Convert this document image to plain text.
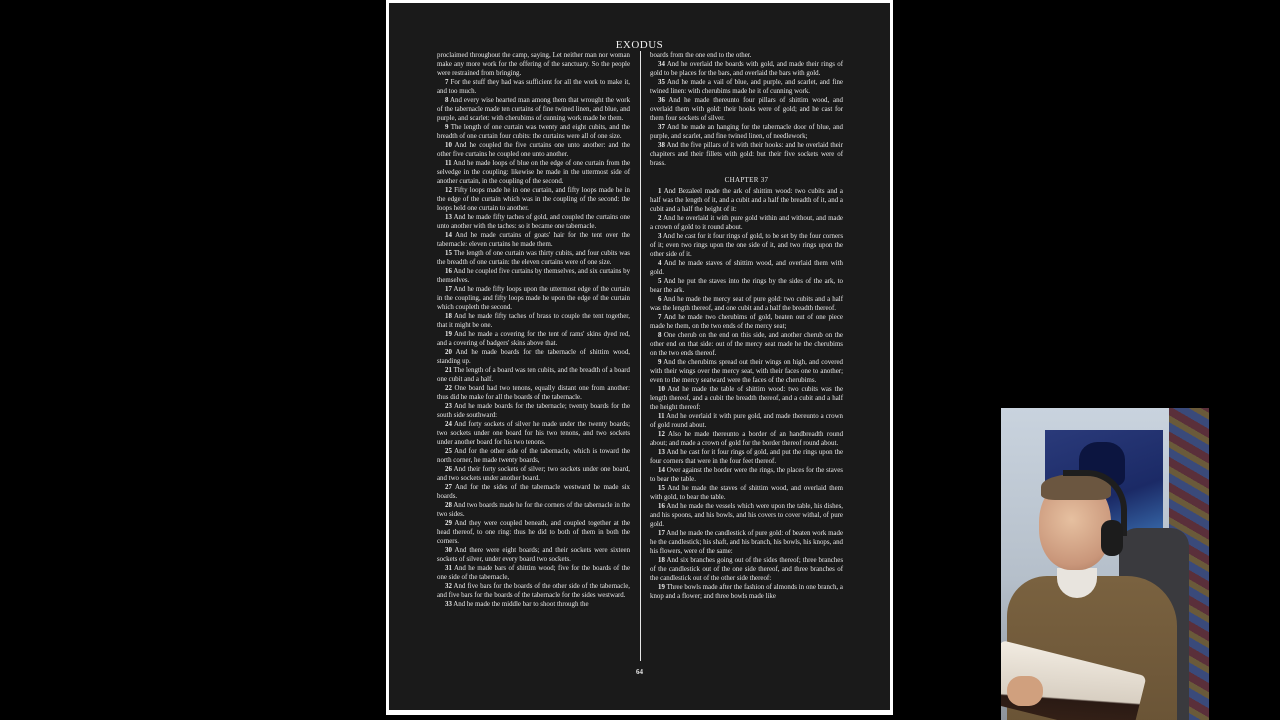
EXODUS

proclaimed throughout the camp, saying, Let neither man nor woman make any more work for the offering of the sanctuary. So the people were restrained from bringing.

7 For the stuff they had was sufficient for all the work to make it, and too much.

8 And every wise hearted man among them that wrought the work of the tabernacle made ten curtains of fine twined linen, and blue, and purple, and scarlet: with cherubims of cunning work made he them.

9 The length of one curtain was twenty and eight cubits, and the breadth of one curtain four cubits: the curtains were all of one size.

10 And he coupled the five curtains one unto another: and the other five curtains he coupled one unto another.

11 And he made loops of blue on the edge of one curtain from the selvedge in the coupling: likewise he made in the uttermost side of another curtain, in the coupling of the second.

12 Fifty loops made he in one curtain, and fifty loops made he in the edge of the curtain which was in the coupling of the second: the loops held one curtain to another.

13 And he made fifty taches of gold, and coupled the curtains one unto another with the taches: so it became one tabernacle.

14 And he made curtains of goats' hair for the tent over the tabernacle: eleven curtains he made them.

15 The length of one curtain was thirty cubits, and four cubits was the breadth of one curtain: the eleven curtains were of one size.

16 And he coupled five curtains by themselves, and six curtains by themselves.

17 And he made fifty loops upon the uttermost edge of the curtain in the coupling, and fifty loops made he upon the edge of the curtain which coupleth the second.

18 And he made fifty taches of brass to couple the tent together, that it might be one.

19 And he made a covering for the tent of rams' skins dyed red, and a covering of badgers' skins above that.

20 And he made boards for the tabernacle of shittim wood, standing up.

21 The length of a board was ten cubits, and the breadth of a board one cubit and a half.

22 One board had two tenons, equally distant one from another: thus did he make for all the boards of the tabernacle.

23 And he made boards for the tabernacle; twenty boards for the south side southward:

24 And forty sockets of silver he made under the twenty boards; two sockets under one board for his two tenons, and two sockets under another board for his two tenons.

25 And for the other side of the tabernacle, which is toward the north corner, he made twenty boards,

26 And their forty sockets of silver; two sockets under one board, and two sockets under another board.

27 And for the sides of the tabernacle westward he made six boards.

28 And two boards made he for the corners of the tabernacle in the two sides.

29 And they were coupled beneath, and coupled together at the head thereof, to one ring: thus he did to both of them in both the corners.

30 And there were eight boards; and their sockets were sixteen sockets of silver, under every board two sockets.

31 And he made bars of shittim wood; five for the boards of the one side of the tabernacle,

32 And five bars for the boards of the other side of the tabernacle, and five bars for the boards of the tabernacle for the sides westward.

33 And he made the middle bar to shoot through the

boards from the one end to the other.

34 And he overlaid the boards with gold, and made their rings of gold to be places for the bars, and overlaid the bars with gold.

35 And he made a vail of blue, and purple, and scarlet, and fine twined linen: with cherubims made he it of cunning work.

36 And he made thereunto four pillars of shittim wood, and overlaid them with gold: their hooks were of gold; and he cast for them four sockets of silver.

37 And he made an hanging for the tabernacle door of blue, and purple, and scarlet, and fine twined linen, of needlework;

38 And the five pillars of it with their hooks: and he overlaid their chapiters and their fillets with gold: but their five sockets were of brass.

CHAPTER 37

1 And Bezaleel made the ark of shittim wood: two cubits and a half was the length of it, and a cubit and a half the breadth of it, and a cubit and a half the height of it:

2 And he overlaid it with pure gold within and without, and made a crown of gold to it round about.

3 And he cast for it four rings of gold, to be set by the four corners of it; even two rings upon the one side of it, and two rings upon the other side of it.

4 And he made staves of shittim wood, and overlaid them with gold.

5 And he put the staves into the rings by the sides of the ark, to bear the ark.

6 And he made the mercy seat of pure gold: two cubits and a half was the length thereof, and one cubit and a half the breadth thereof.

7 And he made two cherubims of gold, beaten out of one piece made he them, on the two ends of the mercy seat;

8 One cherub on the end on this side, and another cherub on the other end on that side: out of the mercy seat made he the cherubims on the two ends thereof.

9 And the cherubims spread out their wings on high, and covered with their wings over the mercy seat, with their faces one to another; even to the mercy seatward were the faces of the cherubims.

10 And he made the table of shittim wood: two cubits was the length thereof, and a cubit the breadth thereof, and a cubit and a half the height thereof:

11 And he overlaid it with pure gold, and made thereunto a crown of gold round about.

12 Also he made thereunto a border of an handbreadth round about; and made a crown of gold for the border thereof round about.

13 And he cast for it four rings of gold, and put the rings upon the four corners that were in the four feet thereof.

14 Over against the border were the rings, the places for the staves to bear the table.

15 And he made the staves of shittim wood, and overlaid them with gold, to bear the table.

16 And he made the vessels which were upon the table, his dishes, and his spoons, and his bowls, and his covers to cover withal, of pure gold.

17 And he made the candlestick of pure gold: of beaten work made he the candlestick; his shaft, and his branch, his bowls, his knops, and his flowers, were of the same:

18 And six branches going out of the sides thereof; three branches of the candlestick out of the one side thereof, and three branches of the candlestick out of the other side thereof:

19 Three bowls made after the fashion of almonds in one branch, a knop and a flower; and three bowls made like

64
